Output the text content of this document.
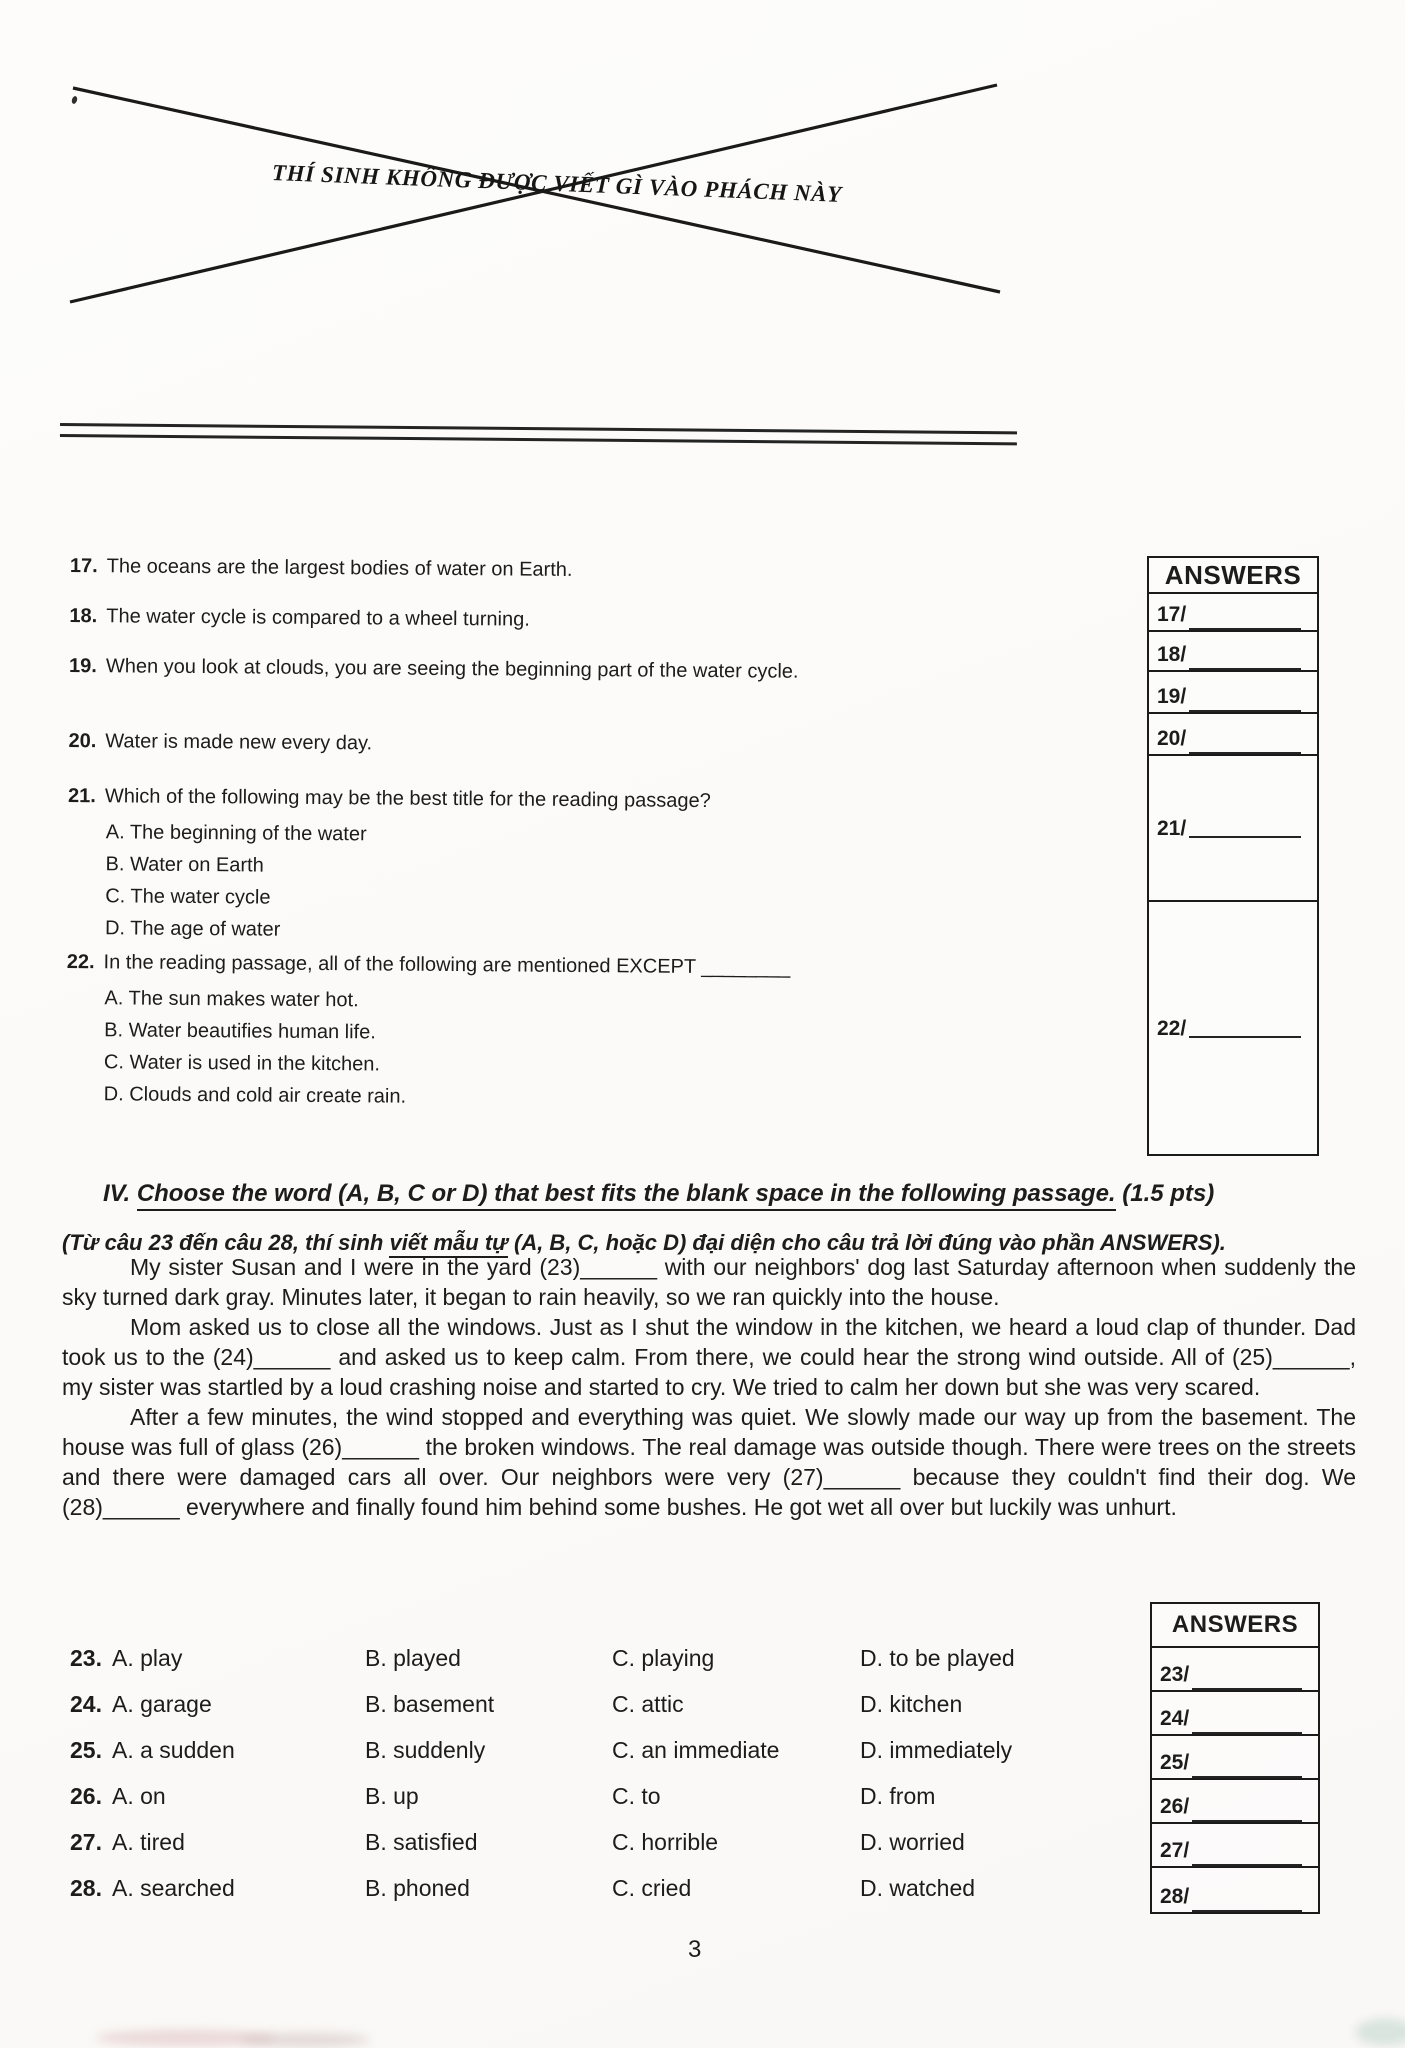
THÍ SINH KHÔNG ĐƯỢC VIẾT GÌ VÀO PHÁCH NÀY
17. The oceans are the largest bodies of water on Earth.
18. The water cycle is compared to a wheel turning.
19. When you look at clouds, you are seeing the beginning part of the water cycle.
20. Water is made new every day.
21. Which of the following may be the best title for the reading passage?
A. The beginning of the water
B. Water on Earth
C. The water cycle
D. The age of water
22. In the reading passage, all of the following are mentioned EXCEPT ________
A. The sun makes water hot.
B. Water beautifies human life.
C. Water is used in the kitchen.
D. Clouds and cold air create rain.
ANSWERS
17/
18/
19/
20/
21/
22/
IV. Choose the word (A, B, C or D) that best fits the blank space in the following passage. (1.5 pts)
(Từ câu 23 đến câu 28, thí sinh viết mẫu tự (A, B, C, hoặc D) đại diện cho câu trả lời đúng vào phần ANSWERS).

My sister Susan and I were in the yard (23)______ with our neighbors' dog last Saturday afternoon when suddenly the sky turned dark gray. Minutes later, it began to rain heavily, so we ran quickly into the house.

Mom asked us to close all the windows. Just as I shut the window in the kitchen, we heard a loud clap of thunder. Dad took us to the (24)______ and asked us to keep calm. From there, we could hear the strong wind outside. All of (25)______, my sister was startled by a loud crashing noise and started to cry. We tried to calm her down but she was very scared.

After a few minutes, the wind stopped and everything was quiet. We slowly made our way up from the basement. The house was full of glass (26)______ the broken windows. The real damage was outside though. There were trees on the streets and there were damaged cars all over. Our neighbors were very (27)______ because they couldn't find their dog. We (28)______ everywhere and finally found him behind some bushes. He got wet all over but luckily was unhurt.

23. A. play	B. played	C. playing	D. to be played
24. A. garage	B. basement	C. attic	D. kitchen
25. A. a sudden	B. suddenly	C. an immediate	D. immediately
26. A. on	B. up	C. to	D. from
27. A. tired	B. satisfied	C. horrible	D. worried
28. A. searched	B. phoned	C. cried	D. watched
ANSWERS
23/
24/
25/
26/
27/
28/
3
